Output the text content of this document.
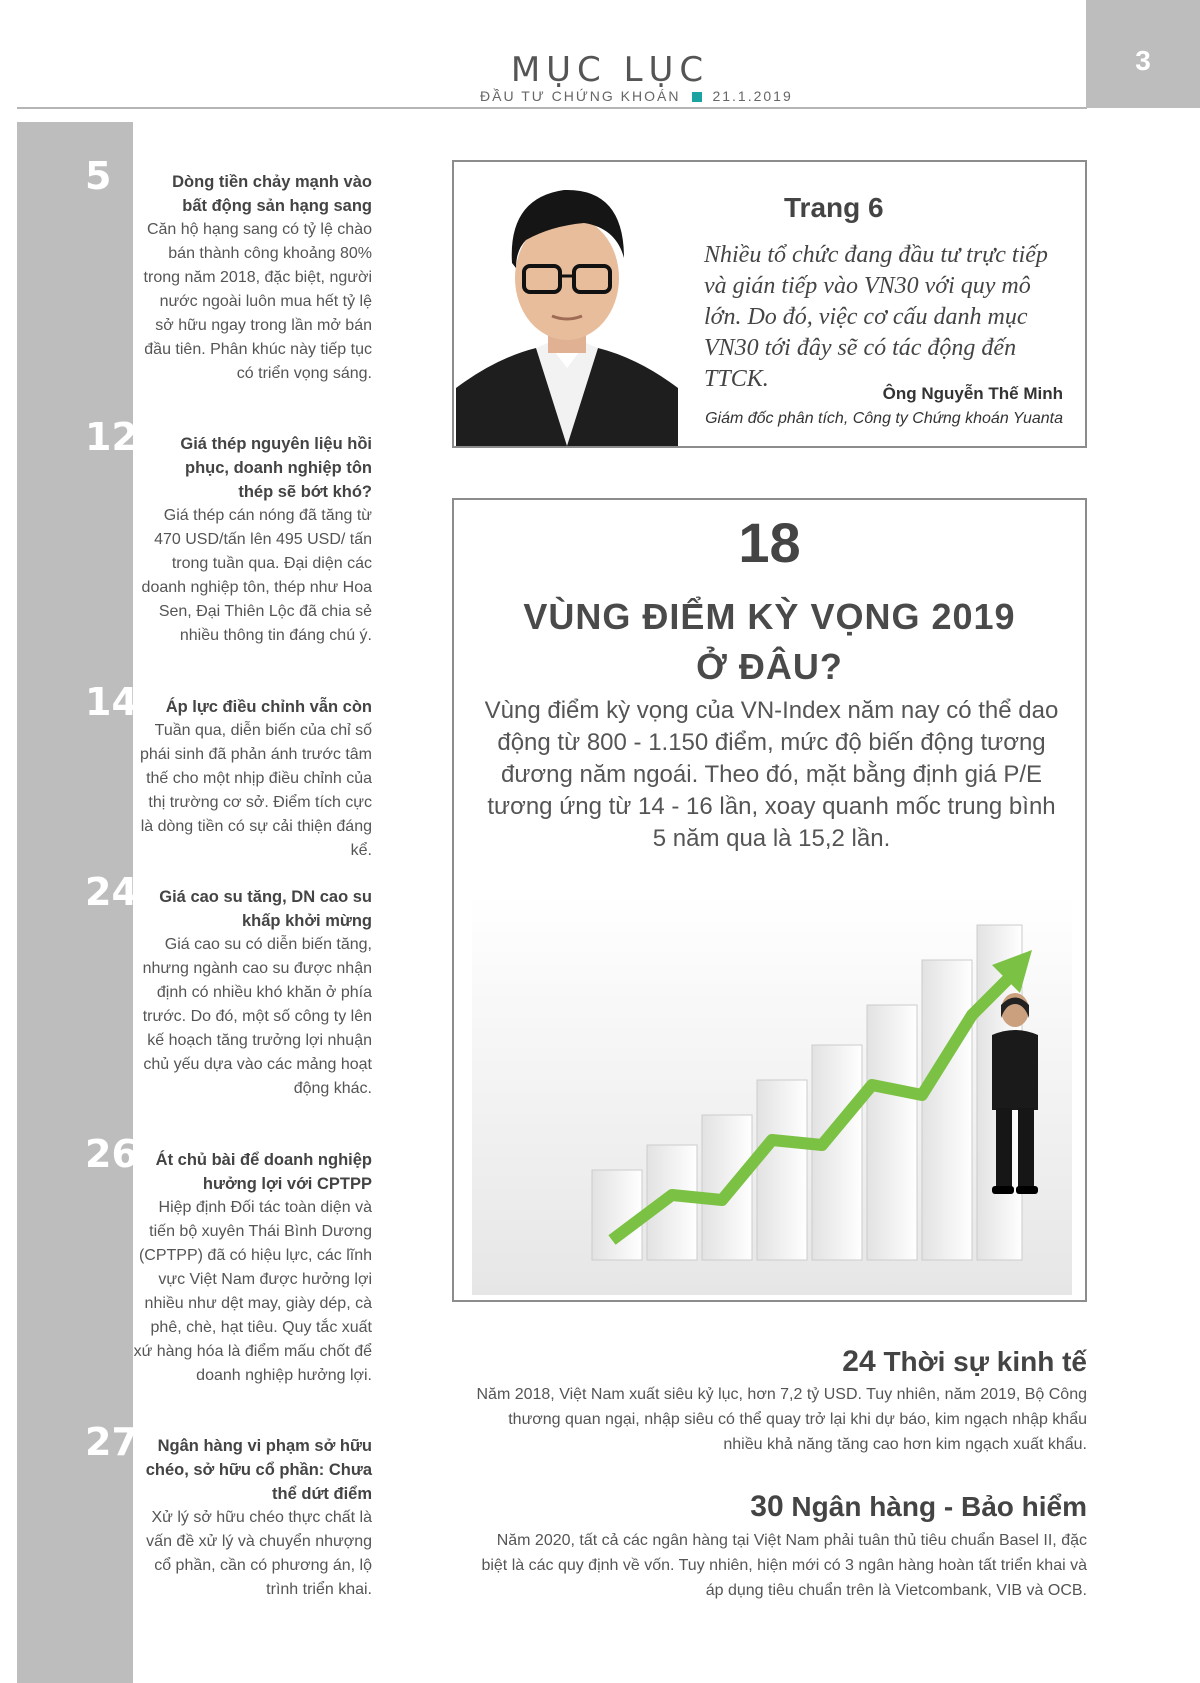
MỤC LỤC
ĐẦU TƯ CHỨNG KHOÁN 21.1.2019
3
5	Dòng tiền chảy mạnh vào bất động sản hạng sang
Căn hộ hạng sang có tỷ lệ chào bán thành công khoảng 80% trong năm 2018, đặc biệt, người nước ngoài luôn mua hết tỷ lệ sở hữu ngay trong lần mở bán đầu tiên. Phân khúc này tiếp tục có triển vọng sáng.
12	Giá thép nguyên liệu hồi phục, doanh nghiệp tôn thép sẽ bớt khó?
Giá thép cán nóng đã tăng từ 470 USD/tấn lên 495 USD/ tấn trong tuần qua. Đại diện các doanh nghiệp tôn, thép như Hoa Sen, Đại Thiên Lộc đã chia sẻ nhiều thông tin đáng chú ý.
14	Áp lực điều chỉnh vẫn còn
Tuần qua, diễn biến của chỉ số phái sinh đã phản ánh trước tâm thế cho một nhịp điều chỉnh của thị trường cơ sở. Điểm tích cực là dòng tiền có sự cải thiện đáng kể.
24	Giá cao su tăng, DN cao su khấp khởi mừng
Giá cao su có diễn biến tăng, nhưng ngành cao su được nhận định có nhiều khó khăn ở phía trước. Do đó, một số công ty lên kế hoạch tăng trưởng lợi nhuận chủ yếu dựa vào các mảng hoạt động khác.
26	Át chủ bài để doanh nghiệp hưởng lợi với CPTPP
Hiệp định Đối tác toàn diện và tiến bộ xuyên Thái Bình Dương (CPTPP) đã có hiệu lực, các lĩnh vực Việt Nam được hưởng lợi nhiều như dệt may, giày dép, cà phê, chè, hạt tiêu. Quy tắc xuất xứ hàng hóa là điểm mấu chốt để doanh nghiệp hưởng lợi.
27	Ngân hàng vi phạm sở hữu chéo, sở hữu cổ phần: Chưa thể dứt điểm
Xử lý sở hữu chéo thực chất là vấn đề xử lý và chuyển nhượng cổ phần, cần có phương án, lộ trình triển khai.
Trang 6
Nhiều tổ chức đang đầu tư trực tiếp và gián tiếp vào VN30 với quy mô lớn. Do đó, việc cơ cấu danh mục VN30 tới đây sẽ có tác động đến TTCK.
Ông Nguyễn Thế Minh
Giám đốc phân tích, Công ty Chứng khoán Yuanta
18
VÙNG ĐIỂM KỲ VỌNG 2019
Ở ĐÂU?
Vùng điểm kỳ vọng của VN-Index năm nay có thể dao động từ 800 - 1.150 điểm, mức độ biến động tương đương năm ngoái. Theo đó, mặt bằng định giá P/E tương ứng từ 14 - 16 lần, xoay quanh mốc trung bình 5 năm qua là 15,2 lần.
24 Thời sự kinh tế
Năm 2018, Việt Nam xuất siêu kỷ lục, hơn 7,2 tỷ USD. Tuy nhiên, năm 2019, Bộ Công thương quan ngại, nhập siêu có thể quay trở lại khi dự báo, kim ngạch nhập khẩu nhiều khả năng tăng cao hơn kim ngạch xuất khẩu.
30 Ngân hàng - Bảo hiểm
Năm 2020, tất cả các ngân hàng tại Việt Nam phải tuân thủ tiêu chuẩn Basel II, đặc biệt là các quy định về vốn. Tuy nhiên, hiện mới có 3 ngân hàng hoàn tất triển khai và áp dụng tiêu chuẩn trên là Vietcombank, VIB và OCB.
